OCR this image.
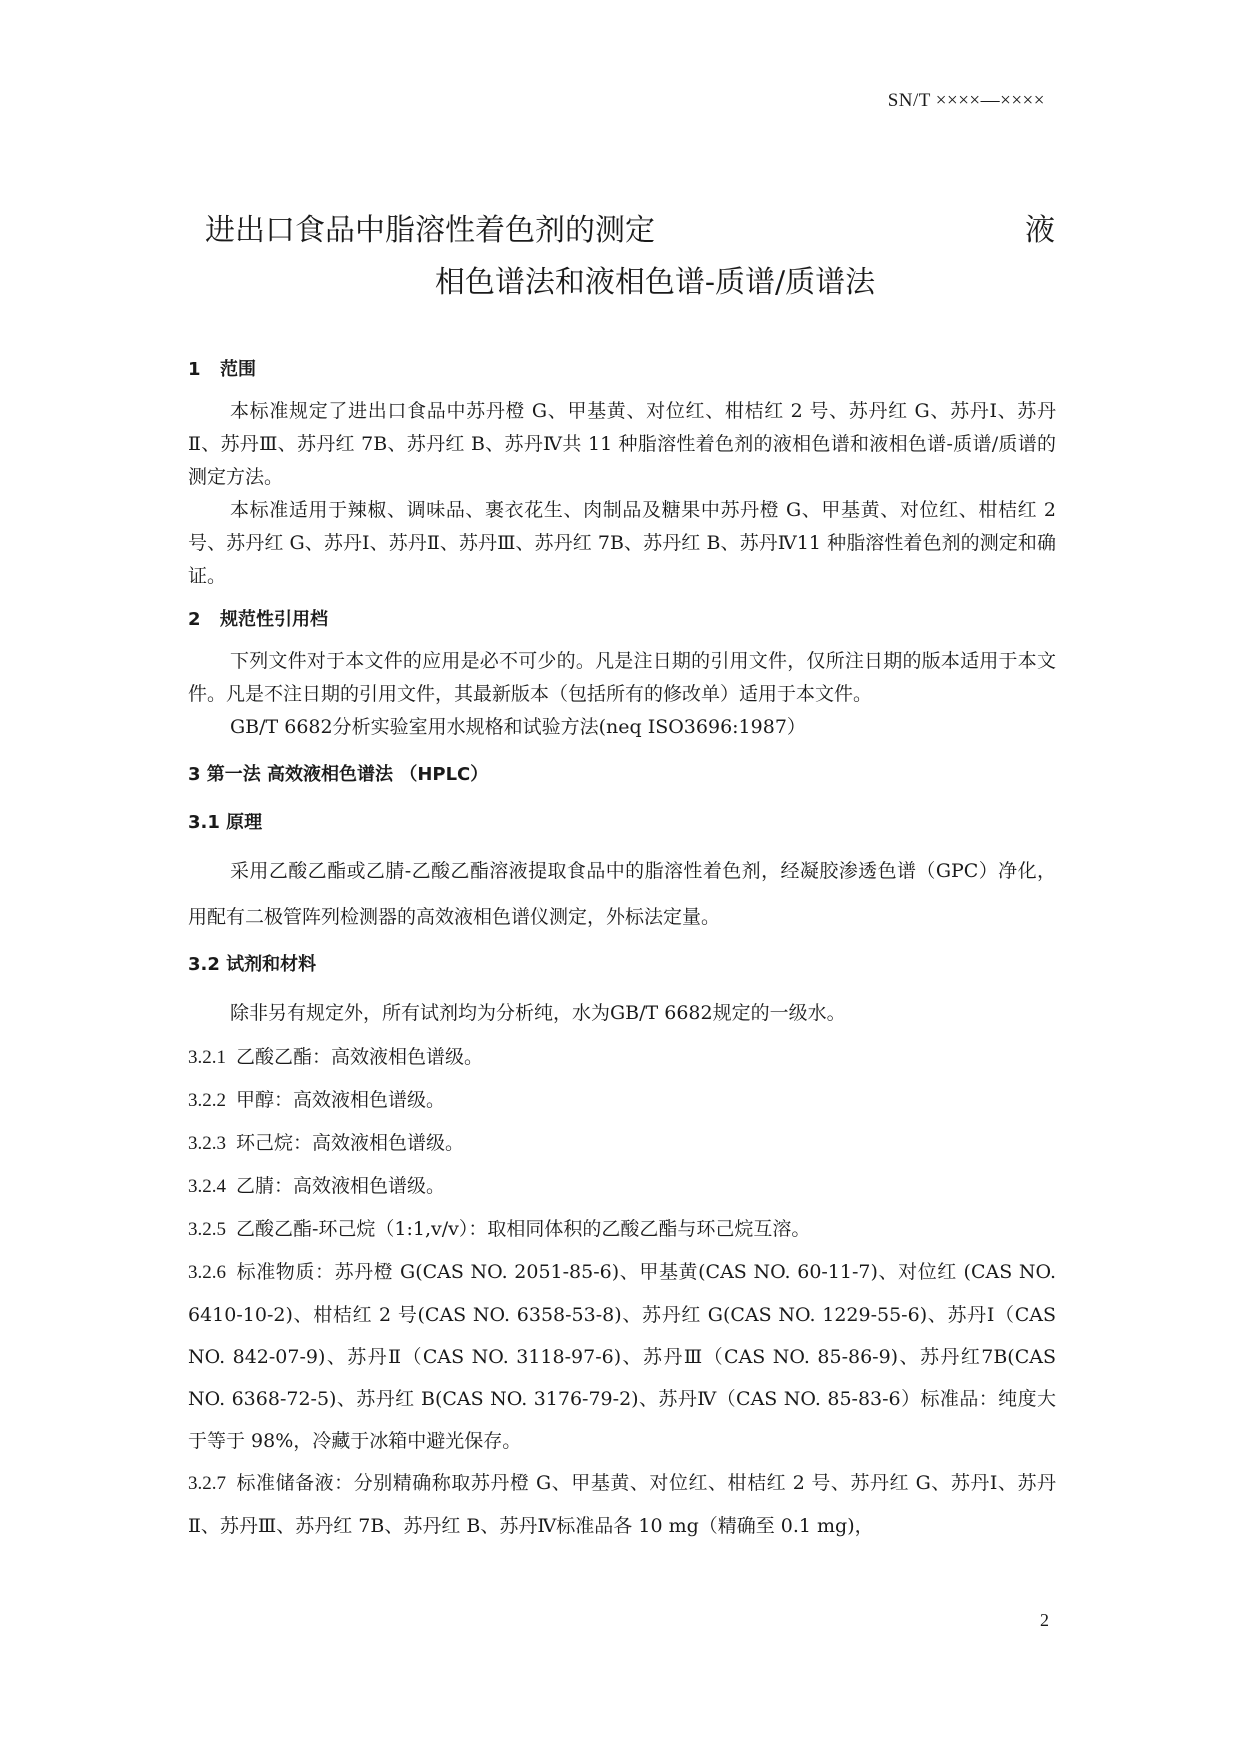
SN/T ××××—××××
进出口食品中脂溶性着色剂的测定	液
相色谱法和液相色谱-质谱/质谱法
1 范围

本标准规定了进出口食品中苏丹橙 G、甲基黄、对位红、柑桔红 2 号、苏丹红 G、苏丹Ⅰ、苏丹Ⅱ、苏丹Ⅲ、苏丹红 7B、苏丹红 B、苏丹Ⅳ共 11 种脂溶性着色剂的液相色谱和液相色谱-质谱/质谱的测定方法。

本标准适用于辣椒、调味品、裹衣花生、肉制品及糖果中苏丹橙 G、甲基黄、对位红、柑桔红 2 号、苏丹红 G、苏丹Ⅰ、苏丹Ⅱ、苏丹Ⅲ、苏丹红 7B、苏丹红 B、苏丹Ⅳ11 种脂溶性着色剂的测定和确证。

2 规范性引用档

下列文件对于本文件的应用是必不可少的。凡是注日期的引用文件，仅所注日期的版本适用于本文件。凡是不注日期的引用文件，其最新版本（包括所有的修改单）适用于本文件。

GB/T 6682分析实验室用水规格和试验方法(neq ISO3696:1987）

3 第一法 高效液相色谱法 （HPLC）
3.1 原理

采用乙酸乙酯或乙腈-乙酸乙酯溶液提取食品中的脂溶性着色剂，经凝胶渗透色谱（GPC）净化，用配有二极管阵列检测器的高效液相色谱仪测定，外标法定量。

3.2 试剂和材料

除非另有规定外，所有试剂均为分析纯，水为GB/T 6682规定的一级水。

3.2.1 乙酸乙酯：高效液相色谱级。

3.2.2 甲醇：高效液相色谱级。

3.2.3 环己烷：高效液相色谱级。

3.2.4 乙腈：高效液相色谱级。

3.2.5 乙酸乙酯-环己烷（1:1,v/v）：取相同体积的乙酸乙酯与环己烷互溶。

3.2.6 标准物质：苏丹橙 G(CAS NO. 2051-85-6)、甲基黄(CAS NO. 60-11-7)、对位红 (CAS NO. 6410-10-2)、柑桔红 2 号(CAS NO. 6358-53-8)、苏丹红 G(CAS NO. 1229-55-6)、苏丹Ⅰ（CAS NO. 842-07-9)、苏丹Ⅱ（CAS NO. 3118-97-6)、苏丹Ⅲ（CAS NO. 85-86-9)、苏丹红7B(CAS NO. 6368-72-5)、苏丹红 B(CAS NO. 3176-79-2)、苏丹Ⅳ（CAS NO. 85-83-6）标准品：纯度大于等于 98%，冷藏于冰箱中避光保存。

3.2.7 标准储备液：分别精确称取苏丹橙 G、甲基黄、对位红、柑桔红 2 号、苏丹红 G、苏丹Ⅰ、苏丹Ⅱ、苏丹Ⅲ、苏丹红 7B、苏丹红 B、苏丹Ⅳ标准品各 10 mg（精确至 0.1 mg)，

2
